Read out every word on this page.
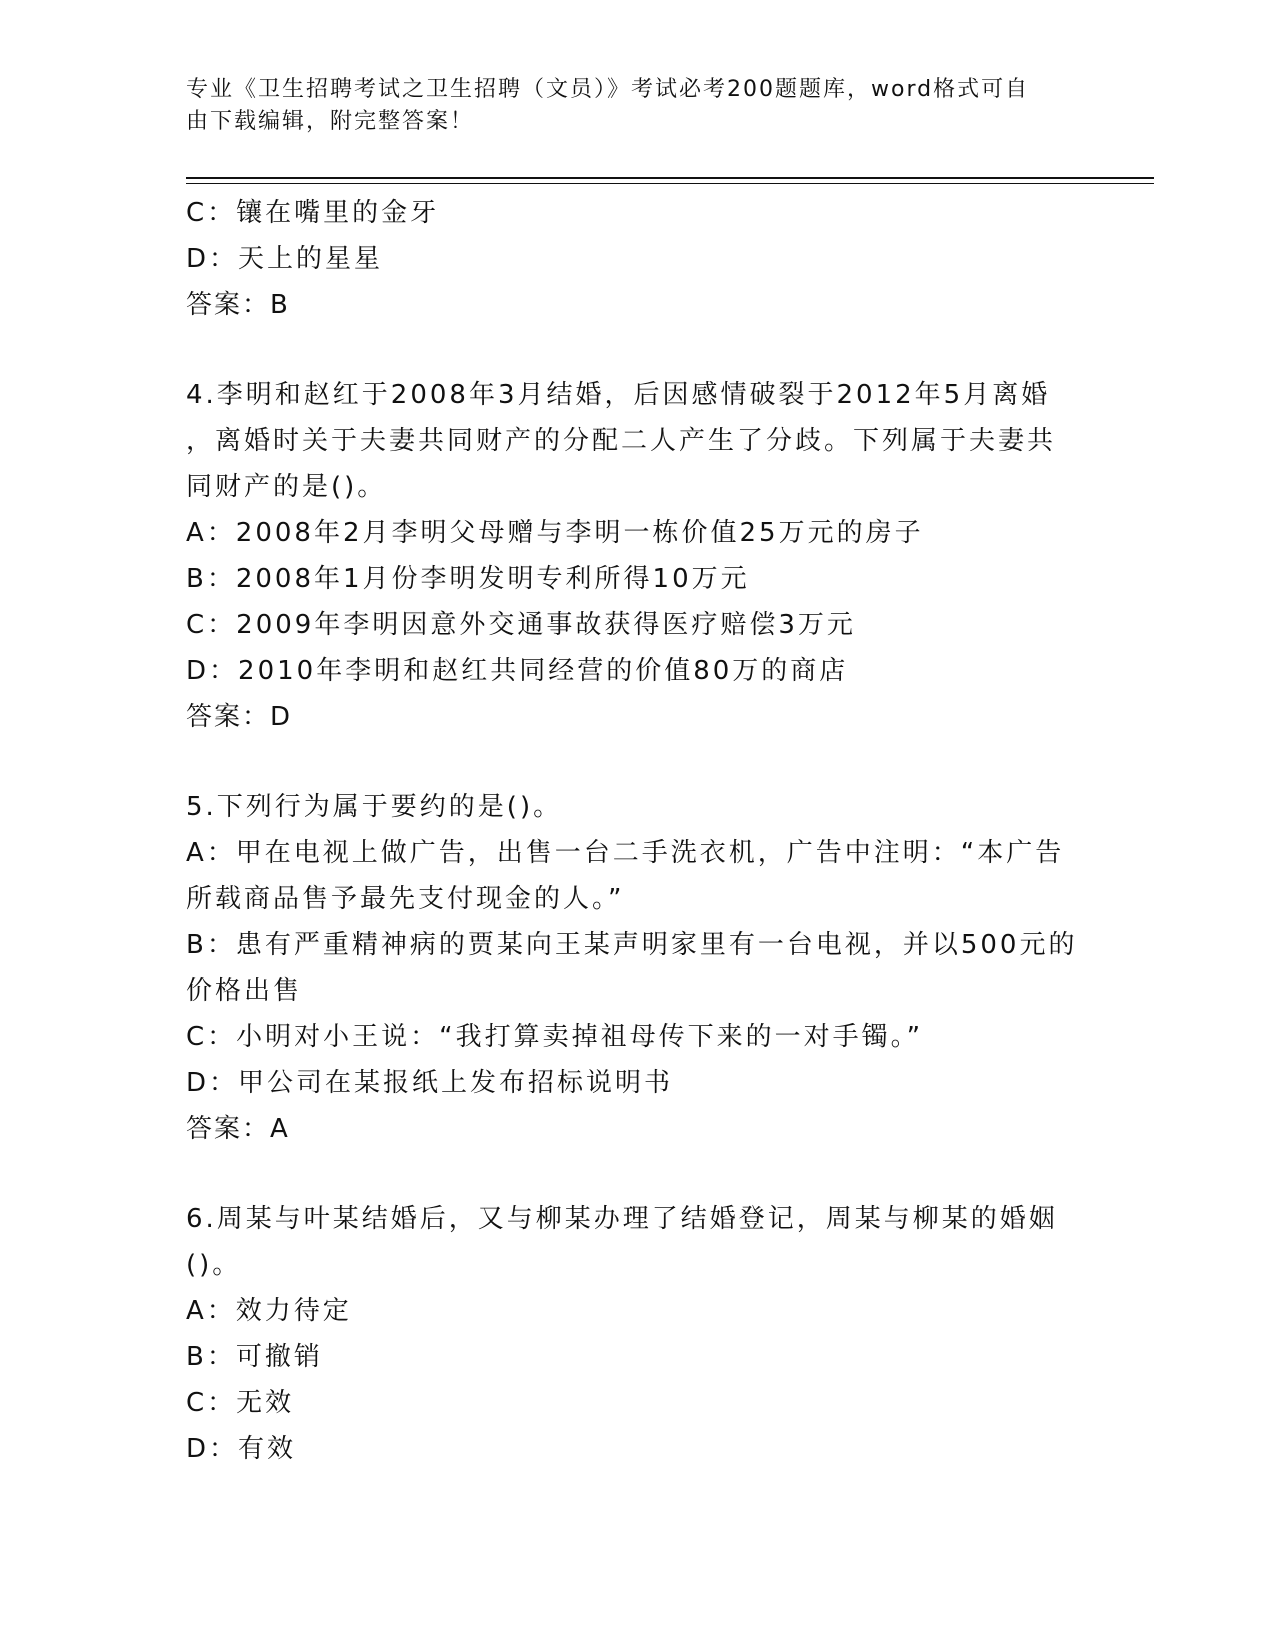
专业《卫生招聘考试之卫生招聘（文员）》考试必考200题题库，word格式可自
由下载编辑，附完整答案！

C：镶在嘴里的金牙

D：天上的星星

答案：B

4.李明和赵红于2008年3月结婚，后因感情破裂于2012年5月离婚

，离婚时关于夫妻共同财产的分配二人产生了分歧。下列属于夫妻共

同财产的是()。

A：2008年2月李明父母赠与李明一栋价值25万元的房子

B：2008年1月份李明发明专利所得10万元

C：2009年李明因意外交通事故获得医疗赔偿3万元

D：2010年李明和赵红共同经营的价值80万的商店

答案：D

5.下列行为属于要约的是()。

A：甲在电视上做广告，出售一台二手洗衣机，广告中注明：“本广告

所载商品售予最先支付现金的人。”

B：患有严重精神病的贾某向王某声明家里有一台电视，并以500元的

价格出售

C：小明对小王说：“我打算卖掉祖母传下来的一对手镯。”

D：甲公司在某报纸上发布招标说明书

答案：A

6.周某与叶某结婚后，又与柳某办理了结婚登记，周某与柳某的婚姻

()。

A：效力待定

B：可撤销

C：无效

D：有效
